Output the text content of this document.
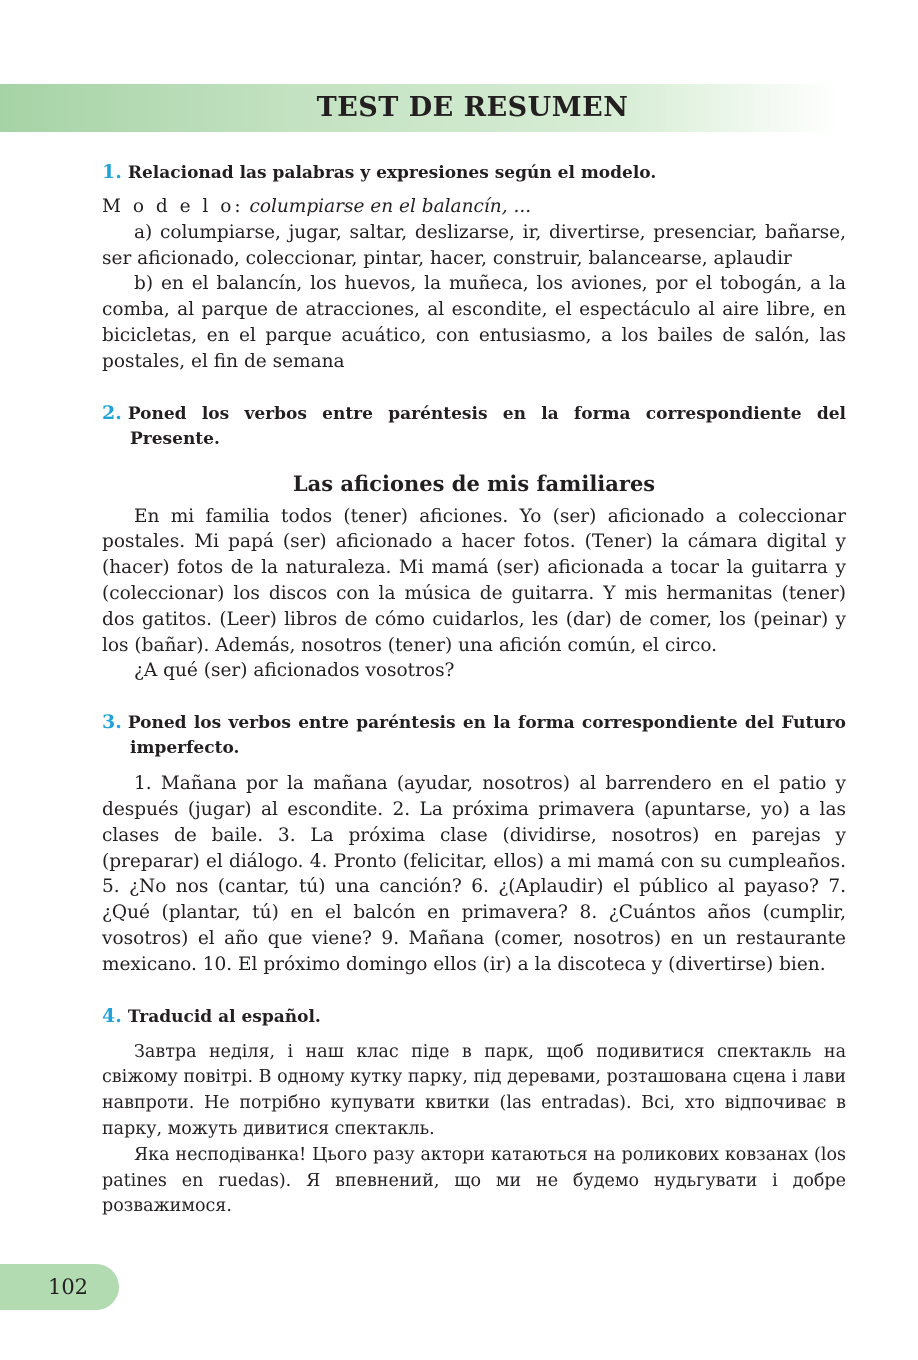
TEST DE RESUMEN
1. Relacionad las palabras y expresiones según el modelo.

M o d e l o: columpiarse en el balancín, ...

a) columpiarse, jugar, saltar, deslizarse, ir, divertirse, presenciar, bañarse, ser aficionado, coleccionar, pintar, hacer, construir, balancearse, aplaudir

b) en el balancín, los huevos, la muñeca, los aviones, por el tobogán, a la comba, al parque de atracciones, al escondite, el espectáculo al aire libre, en bicicletas, en el parque acuático, con entusiasmo, a los bailes de salón, las postales, el fin de semana

2. Poned los verbos entre paréntesis en la forma correspondiente del Presente.
Las aficiones de mis familiares

En mi familia todos (tener) aficiones. Yo (ser) aficionado a coleccionar postales. Mi papá (ser) aficionado a hacer fotos. (Tener) la cámara digital y (hacer) fotos de la naturaleza. Mi mamá (ser) aficionada a tocar la guitarra y (coleccionar) los discos con la música de guitarra. Y mis hermanitas (tener) dos gatitos. (Leer) libros de cómo cuidarlos, les (dar) de comer, los (peinar) y los (bañar). Además, nosotros (tener) una afición común, el circo.

¿A qué (ser) aficionados vosotros?

3. Poned los verbos entre paréntesis en la forma correspondiente del Futuro imperfecto.

1. Mañana por la mañana (ayudar, nosotros) al barrendero en el patio y después (jugar) al escondite. 2. La próxima primavera (apuntarse, yo) a las clases de baile. 3. La próxima clase (dividirse, nosotros) en parejas y (preparar) el diálogo. 4. Pronto (felicitar, ellos) a mi mamá con su cumpleaños. 5. ¿No nos (cantar, tú) una canción? 6. ¿(Aplaudir) el público al payaso? 7. ¿Qué (plantar, tú) en el balcón en primavera? 8. ¿Cuántos años (cumplir, vosotros) el año que viene? 9. Mañana (comer, nosotros) en un restaurante mexicano. 10. El próximo domingo ellos (ir) a la discoteca y (divertirse) bien.

4. Traducid al español.

Завтра неділя, і наш клас піде в парк, щоб подивитися спектакль на свіжому повітрі. В одному кутку парку, під деревами, розташована сцена і лави навпроти. Не потрібно купувати квитки (las entradas). Всі, хто відпочиває в парку, можуть дивитися спектакль.

Яка несподіванка! Цього разу актори катаються на роликових ковзанах (los patines en ruedas). Я впевнений, що ми не будемо нудьгувати і добре розважимося.

102
